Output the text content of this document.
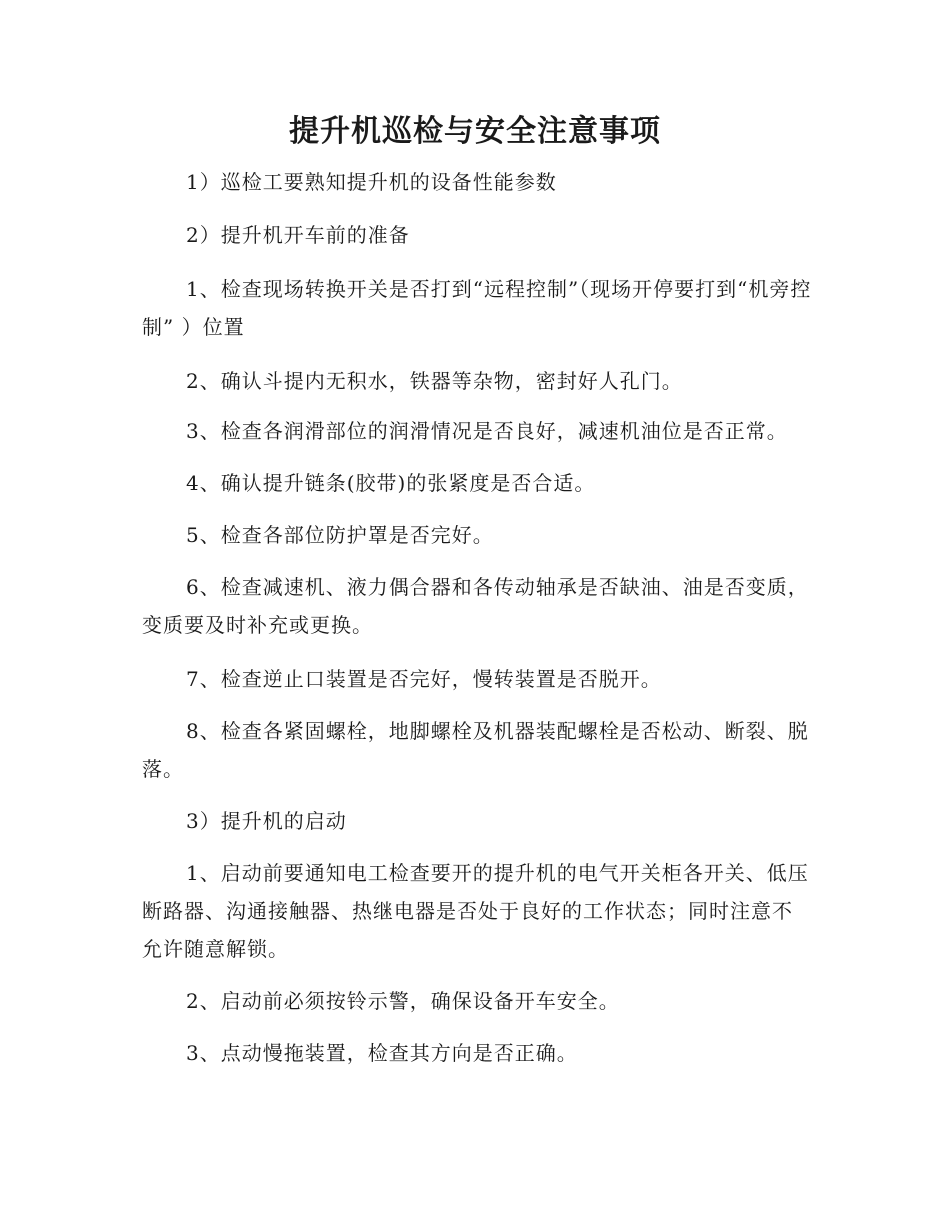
提升机巡检与安全注意事项
1）巡检工要熟知提升机的设备性能参数
2）提升机开车前的准备
1、检查现场转换开关是否打到“远程控制”（现场开停要打到“机旁控制” ）位置
2、确认斗提内无积水，铁器等杂物，密封好人孔门。
3、检查各润滑部位的润滑情况是否良好，减速机油位是否正常。
4、确认提升链条(胶带)的张紧度是否合适。
5、检查各部位防护罩是否完好。
6、检查减速机、液力偶合器和各传动轴承是否缺油、油是否变质，变质要及时补充或更换。
7、检查逆止口装置是否完好，慢转装置是否脱开。
8、检查各紧固螺栓，地脚螺栓及机器装配螺栓是否松动、断裂、脱落。
3）提升机的启动
1、启动前要通知电工检查要开的提升机的电气开关柜各开关、低压断路器、沟通接触器、热继电器是否处于良好的工作状态；同时注意不允许随意解锁。
2、启动前必须按铃示警，确保设备开车安全。
3、点动慢拖装置，检查其方向是否正确。
